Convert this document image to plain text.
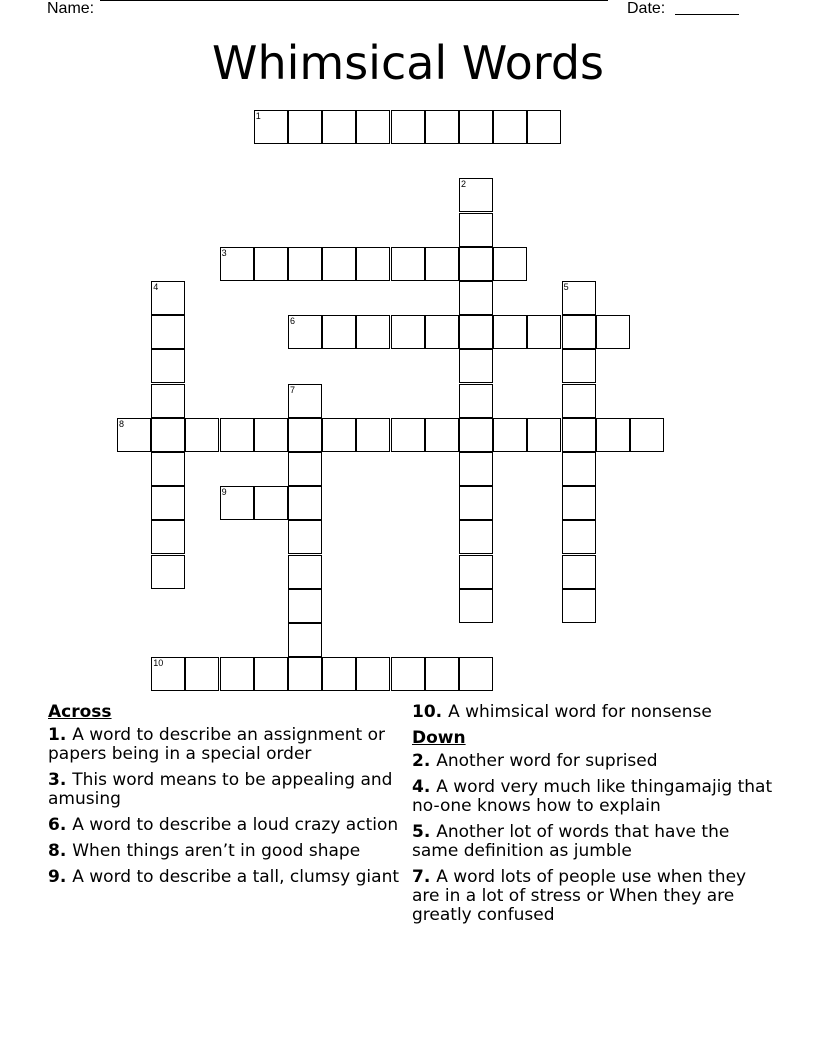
Name:	Date:
Whimsical Words
1
2
3
4	5
6
7
8
9
10
Across
1 . A word to describe an assignment or papers being in a special order
3 . This word means to be appealing and amusing
6 . A word to describe a loud crazy action
8 . When things aren’t in good shape
9 . A word to describe a tall, clumsy giant
10 . A whimsical word for nonsense
Down
2 . Another word for suprised
4 . A word very much like thingamajig that no-one knows how to explain
5 . Another lot of words that have the same definition as jumble
7 . A word lots of people use when they are in a lot of stress or When they are greatly confused
